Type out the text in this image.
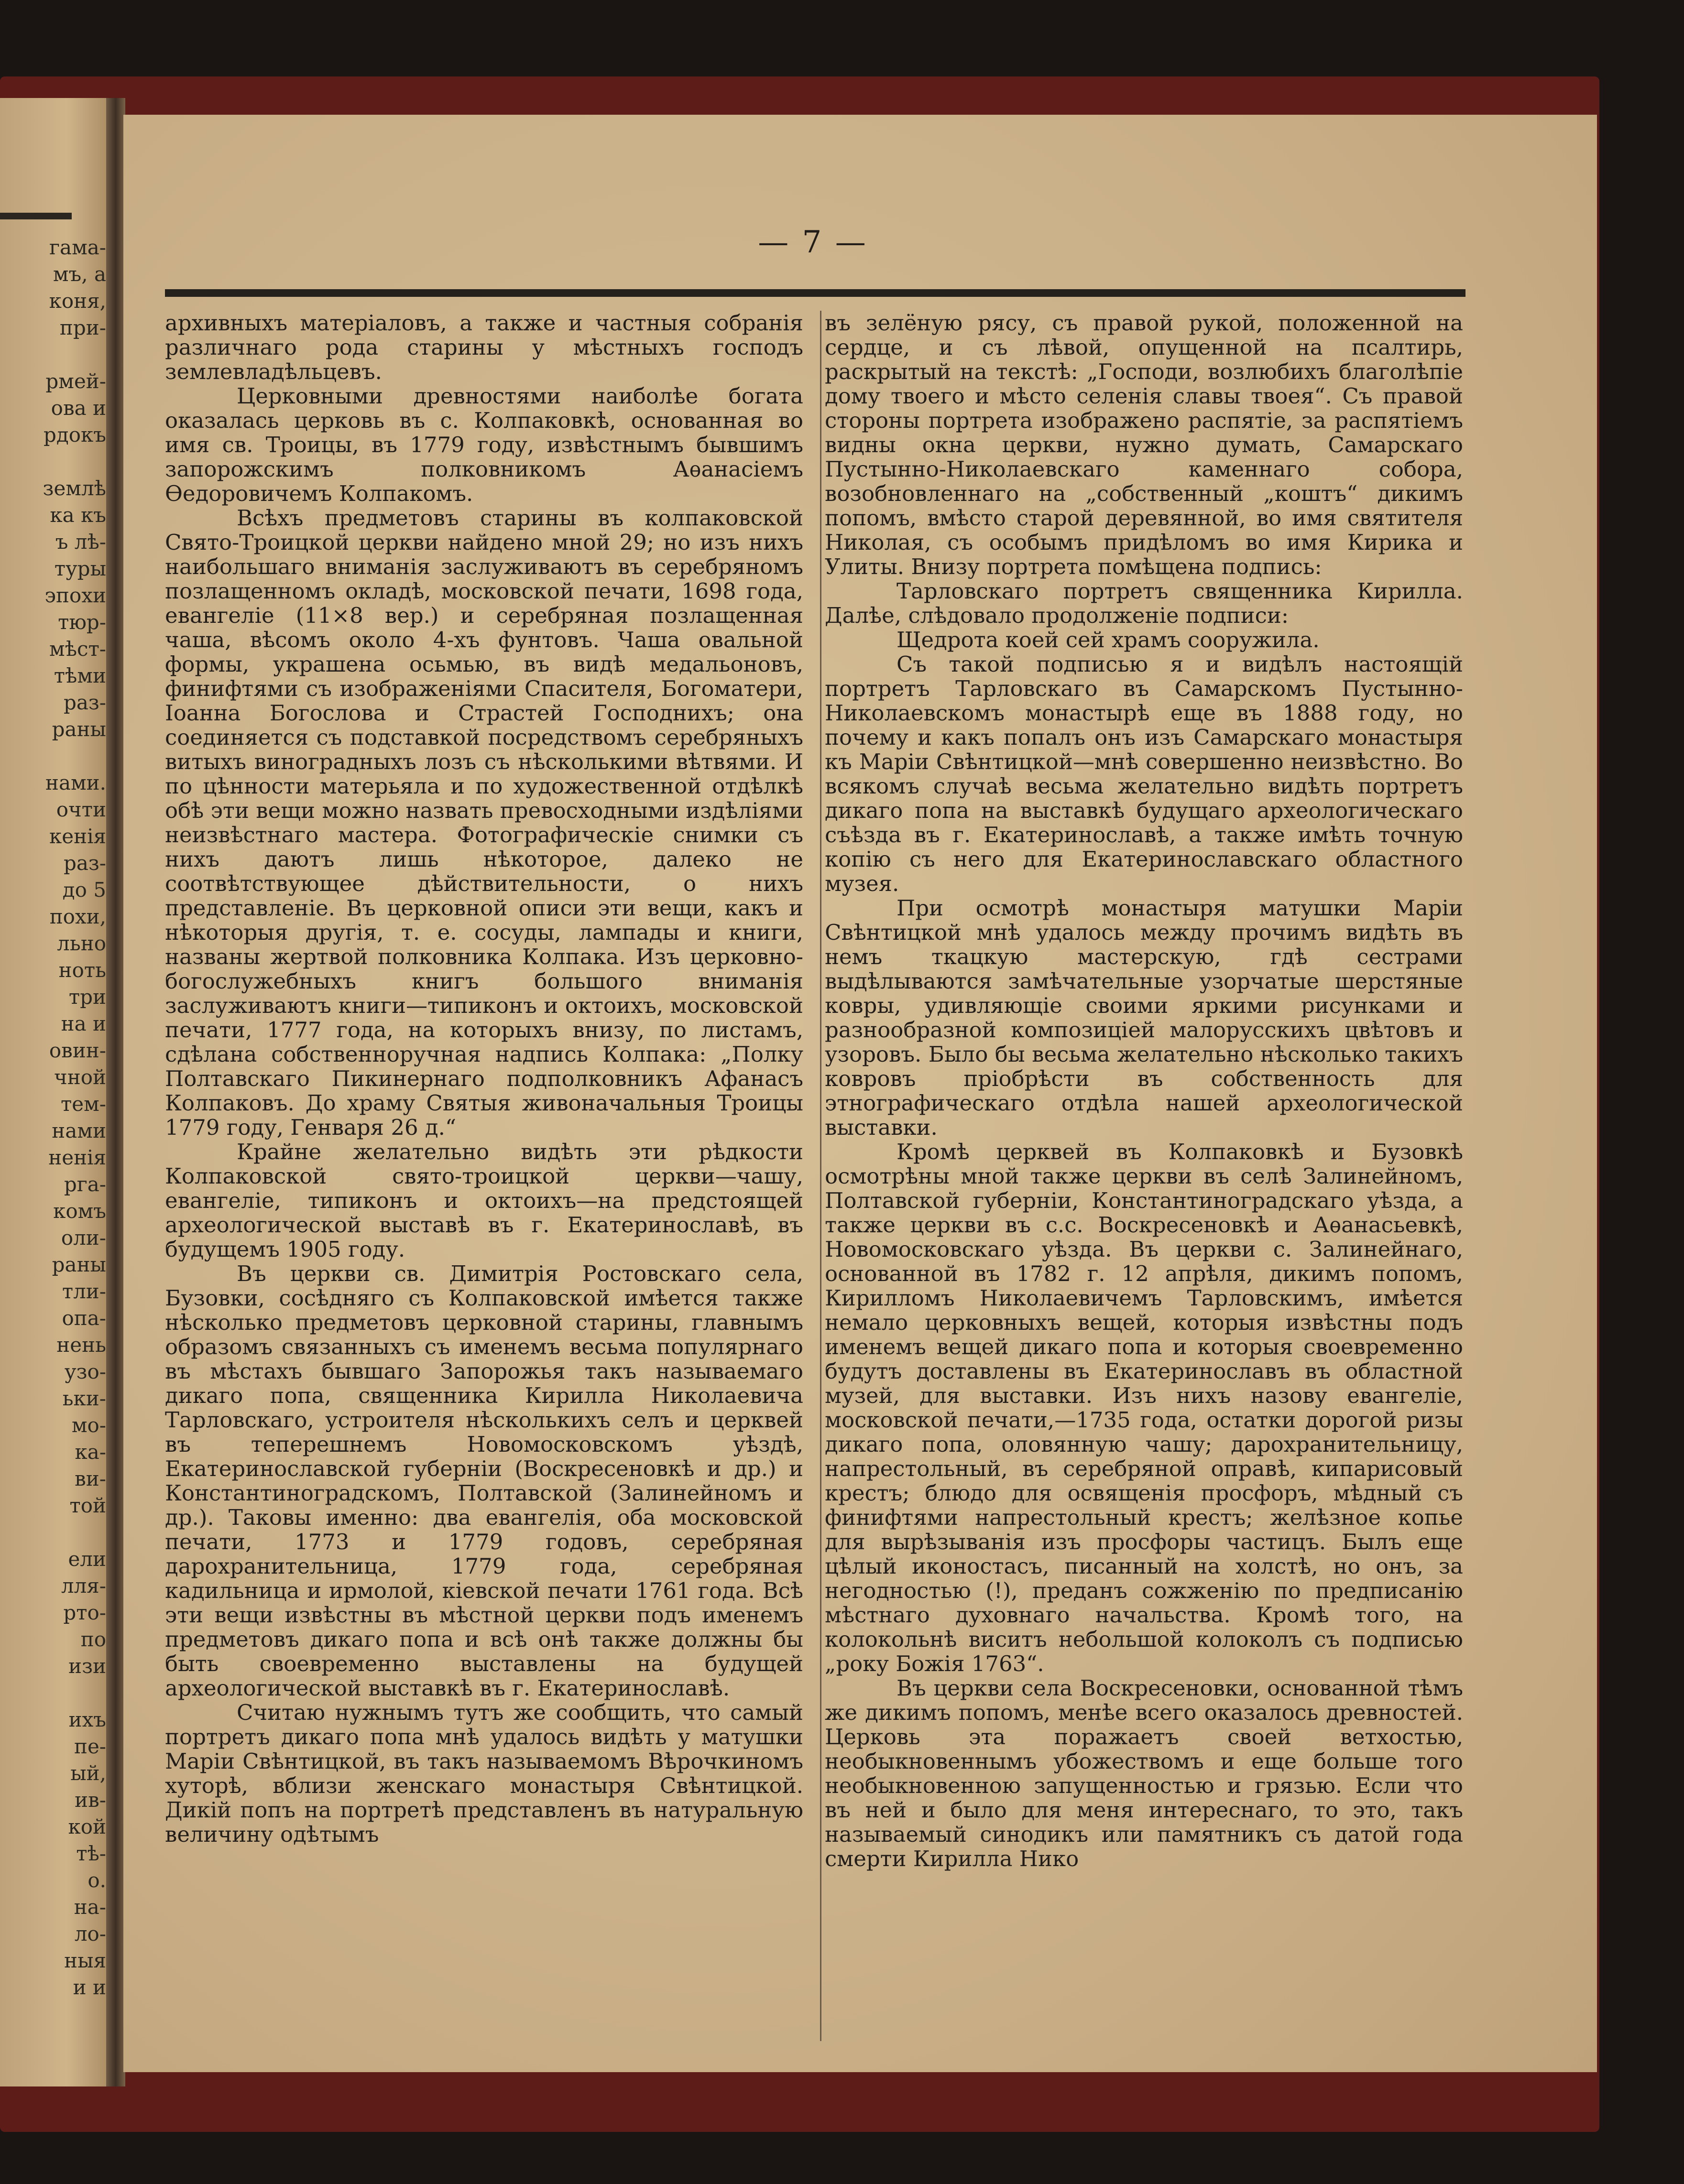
гама-
мъ, а
коня,
при-
рмей-
ова и
рдокъ
землѣ
ка къ
ъ лѣ-
туры
эпохи
тюр-
мѣст-
тѣми
раз-
раны
нами.
очти
кенія
раз-
до 5
похи,
льно
ноть
три
на и
овин-
чной
тем-
нами
ненія
рга-
комъ
оли-
раны
тли-
опа-
нень
узо-
ьки-
мо-
ка-
ви-
той
ели
лля-
рто-
по
изи
ихъ
пе-
ый,
ив-
кой
тѣ-
о.
на-
ло-
ныя
и и
— 7 —

архивныхъ матеріаловъ, а также и частныя собранія различнаго рода старины у мѣстныхъ господъ землевладѣльцевъ.

Церковными древностями наиболѣе богата оказалась церковь въ с. Колпаковкѣ, основанная во имя св. Троицы, въ 1779 году, извѣстнымъ бывшимъ запорожскимъ полковникомъ Аѳанасіемъ Ѳедоровичемъ Колпакомъ.

Всѣхъ предметовъ старины въ колпаковской Свято-Троицкой церкви найдено мной 29; но изъ нихъ наибольшаго вниманія заслуживаютъ въ серебряномъ позлащенномъ окладѣ, московской печати, 1698 года, евангеліе (11×8 вер.) и серебряная позлащенная чаша, вѣсомъ около 4-хъ фунтовъ. Чаша овальной формы, украшена осьмью, въ видѣ медальоновъ, финифтями съ изображеніями Спасителя, Богоматери, Іоанна Богослова и Страстей Господнихъ; она соединяется съ подставкой посредствомъ серебряныхъ витыхъ виноградныхъ лозъ съ нѣсколькими вѣтвями. И по цѣнности матерьяла и по художественной отдѣлкѣ обѣ эти вещи можно назвать превосходными издѣліями неизвѣстнаго мастера. Фотографическіе снимки съ нихъ даютъ лишь нѣкоторое, далеко не соотвѣтствующее дѣйствительности, о нихъ представленіе. Въ церковной описи эти вещи, какъ и нѣкоторыя другія, т. е. сосуды, лампады и книги, названы жертвой полковника Колпака. Изъ церковно-богослужебныхъ книгъ большого вниманія заслуживаютъ книги—типиконъ и октоихъ, московской печати, 1777 года, на которыхъ внизу, по листамъ, сдѣлана собственноручная надпись Колпака: „Полку Полтавскаго Пикинернаго подполковникъ Афанасъ Колпаковъ. До храму Святыя живоначальныя Троицы 1779 году, Генваря 26 д.“

Крайне желательно видѣть эти рѣдкости Колпаковской свято-троицкой церкви—чашу, евангеліе, типиконъ и октоихъ—на предстоящей археологической выставѣ въ г. Екатеринославѣ, въ будущемъ 1905 году.

Въ церкви св. Димитрія Ростовскаго села, Бузовки, сосѣдняго съ Колпаковской имѣется также нѣсколько предметовъ церковной старины, главнымъ образомъ связанныхъ съ именемъ весьма популярнаго въ мѣстахъ бывшаго Запорожья такъ называемаго дикаго попа, священника Кирилла Николаевича Тарловскаго, устроителя нѣсколькихъ селъ и церквей въ теперешнемъ Новомосковскомъ уѣздѣ, Екатеринославской губерніи (Воскресеновкѣ и др.) и Константиноградскомъ, Полтавской (Залинейномъ и др.). Таковы именно: два евангелія, оба московской печати, 1773 и 1779 годовъ, серебряная дарохранительница, 1779 года, серебряная кадильница и ирмолой, кіевской печати 1761 года. Всѣ эти вещи извѣстны въ мѣстной церкви подъ именемъ предметовъ дикаго попа и всѣ онѣ также должны бы быть своевременно выставлены на будущей археологической выставкѣ въ г. Екатеринославѣ.

Считаю нужнымъ тутъ же сообщить, что самый портретъ дикаго попа мнѣ удалось видѣть у матушки Маріи Свѣнтицкой, въ такъ называемомъ Вѣрочкиномъ хуторѣ, вблизи женскаго монастыря Свѣнтицкой. Дикій попъ на портретѣ представленъ въ натуральную величину одѣтымъ

въ зелёную рясу, съ правой рукой, положенной на сердце, и съ лѣвой, опущенной на псалтирь, раскрытый на текстѣ: „Господи, возлюбихъ благолѣпіе дому твоего и мѣсто селенія славы твоея“. Съ правой стороны портрета изображено распятіе, за распятіемъ видны окна церкви, нужно думать, Самарскаго Пустынно-Николаевскаго каменнаго собора, возобновленнаго на „собственный „коштъ“ дикимъ попомъ, вмѣсто старой деревянной, во имя святителя Николая, съ особымъ придѣломъ во имя Кирика и Улиты. Внизу портрета помѣщена подпись:

Тарловскаго портретъ священника Кирилла. Далѣе, слѣдовало продолженіе подписи:

Щедрота коей сей храмъ сооружила.

Съ такой подписью я и видѣлъ настоящій портретъ Тарловскаго въ Самарскомъ Пустынно-Николаевскомъ монастырѣ еще въ 1888 году, но почему и какъ попалъ онъ изъ Самарскаго монастыря къ Маріи Свѣнтицкой—мнѣ совершенно неизвѣстно. Во всякомъ случаѣ весьма желательно видѣть портретъ дикаго попа на выставкѣ будущаго археологическаго съѣзда въ г. Екатеринославѣ, а также имѣть точную копію съ него для Екатеринославскаго областного музея.

При осмотрѣ монастыря матушки Маріи Свѣнтицкой мнѣ удалось между прочимъ видѣть въ немъ ткацкую мастерскую, гдѣ сестрами выдѣлываются замѣчательные узорчатые шерстяные ковры, удивляющіе своими яркими рисунками и разнообразной композиціей малорусскихъ цвѣтовъ и узоровъ. Было бы весьма желательно нѣсколько такихъ ковровъ пріобрѣсти въ собственность для этнографическаго отдѣла нашей археологической выставки.

Кромѣ церквей въ Колпаковкѣ и Бузовкѣ осмотрѣны мной также церкви въ селѣ Залинейномъ, Полтавской губерніи, Константиноградскаго уѣзда, а также церкви въ с.с. Воскресеновкѣ и Аѳанасьевкѣ, Новомосковскаго уѣзда. Въ церкви с. Залинейнаго, основанной въ 1782 г. 12 апрѣля, дикимъ попомъ, Кирилломъ Николаевичемъ Тарловскимъ, имѣется немало церковныхъ вещей, которыя извѣстны подъ именемъ вещей дикаго попа и которыя своевременно будутъ доставлены въ Екатеринославъ въ областной музей, для выставки. Изъ нихъ назову евангеліе, московской печати,—1735 года, остатки дорогой ризы дикаго попа, оловянную чашу; дарохранительницу, напрестольный, въ серебряной оправѣ, кипарисовый крестъ; блюдо для освященія просфоръ, мѣдный съ финифтями напрестольный крестъ; желѣзное копье для вырѣзыванія изъ просфоры частицъ. Былъ еще цѣлый иконостасъ, писанный на холстѣ, но онъ, за негодностью (!), преданъ сожженію по предписанію мѣстнаго духовнаго начальства. Кромѣ того, на колокольнѣ виситъ небольшой колоколъ съ подписью „року Божія 1763“.

Въ церкви села Воскресеновки, основанной тѣмъ же дикимъ попомъ, менѣе всего оказалось древностей. Церковь эта поражаетъ своей ветхостью, необыкновеннымъ убожествомъ и еще больше того необыкновенною запущенностью и грязью. Если что въ ней и было для меня интереснаго, то это, такъ называемый синодикъ или памятникъ съ датой года смерти Кирилла Нико
